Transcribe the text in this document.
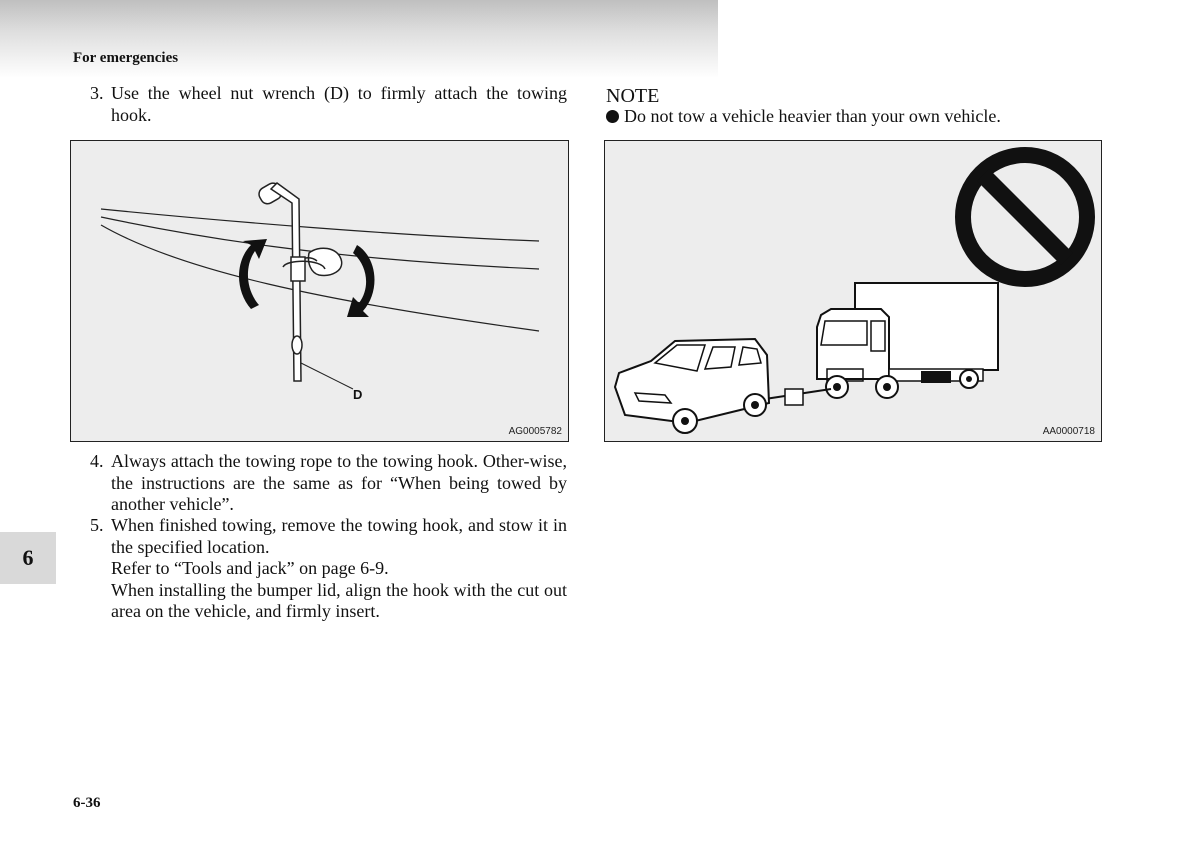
For emergencies
3. Use the wheel nut wrench (D) to firmly attach the towing hook.
D
AG0005782
4. Always attach the towing rope to the towing hook. Other-wise, the instructions are the same as for “When being towed by another vehicle”.
5. When finished towing, remove the towing hook, and stow it in the specified location.
Refer to “Tools and jack” on page 6-9.
When installing the bumper lid, align the hook with the cut out area on the vehicle, and firmly insert.
NOTE
Do not tow a vehicle heavier than your own vehicle.
AA0000718
6
6-36
